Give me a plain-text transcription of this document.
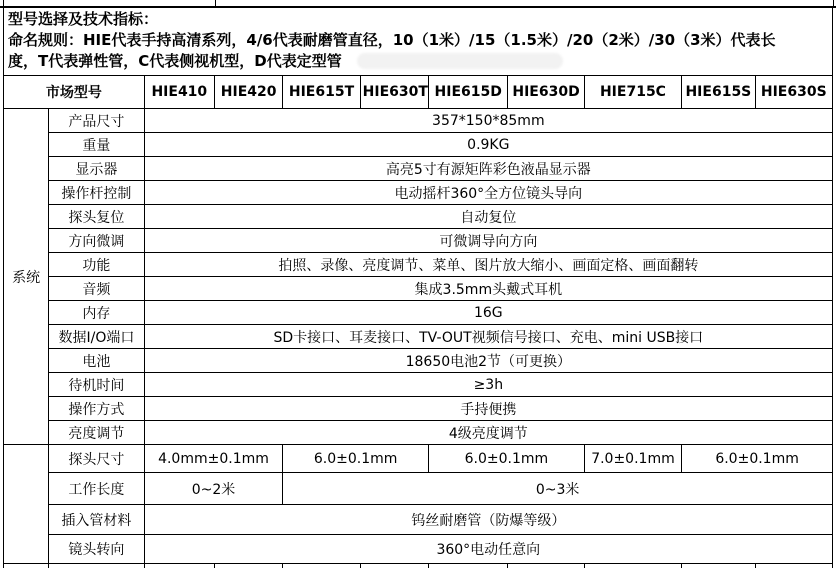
型号选择及技术指标：
命名规则：HIE代表手持高清系列，4/6代表耐磨管直径，10（1米）/15（1.5米）/20（2米）/30（3米）代表长
度，T代表弹性管，C代表侧视机型，D代表定型管
市场型号		HIE410	HIE420	HIE615T	HIE630T	HIE615D	HIE630D	HIE715C	HIE615S	HIE630S
系统	产品尺寸	357*150*85mm								
	重量	0.9KG								
	显示器	高亮5寸有源矩阵彩色液晶显示器								
	操作杆控制	电动摇杆360°全方位镜头导向								
	探头复位	自动复位								
	方向微调	可微调导向方向								
	功能	拍照、录像、亮度调节、菜单、图片放大缩小、画面定格、画面翻转								
	音频	集成3.5mm头戴式耳机								
	内存	16G								
	数据I/O端口	SD卡接口、耳麦接口、TV-OUT视频信号接口、充电、mini USB接口								
	电池	18650电池2节（可更换）								
	待机时间	≥3h								
	操作方式	手持便携								
	亮度调节	4级亮度调节								
	探头尺寸	4.0mm±0.1mm		6.0±0.1mm		6.0±0.1mm		7.0±0.1mm	6.0±0.1mm	
	工作长度	0~2米		0~3米						
	插入管材料	钨丝耐磨管（防爆等级）								
	镜头转向	360°电动任意向								
